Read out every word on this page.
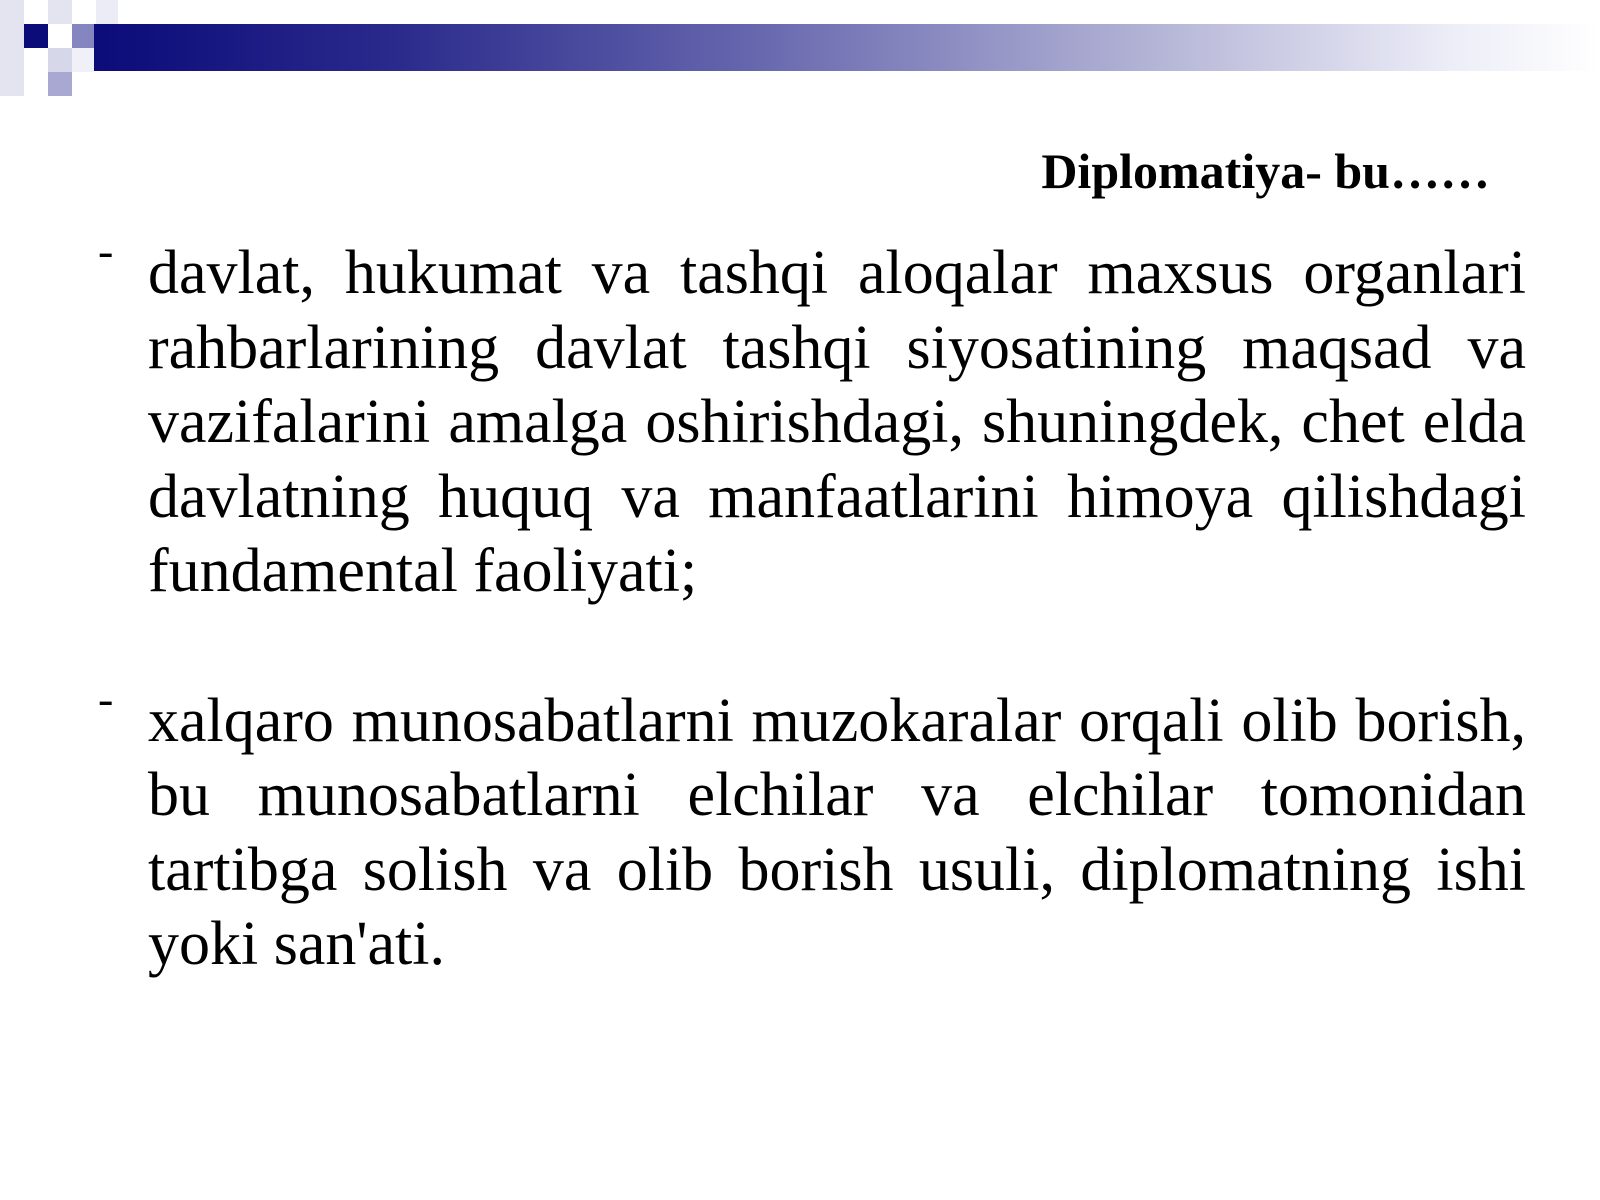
Diplomatiya- bu……
- davlat, hukumat va tashqi aloqalar maxsus organlari rahbarlarining davlat tashqi siyosatining maqsad va vazifalarini amalga oshirishdagi, shuningdek, chet elda davlatning huquq va manfaatlarini himoya qilishdagi fundamental faoliyati;
- xalqaro munosabatlarni muzokaralar orqali olib borish, bu munosabatlarni elchilar va elchilar tomonidan tartibga solish va olib borish usuli, diplomatning ishi yoki san'ati.
